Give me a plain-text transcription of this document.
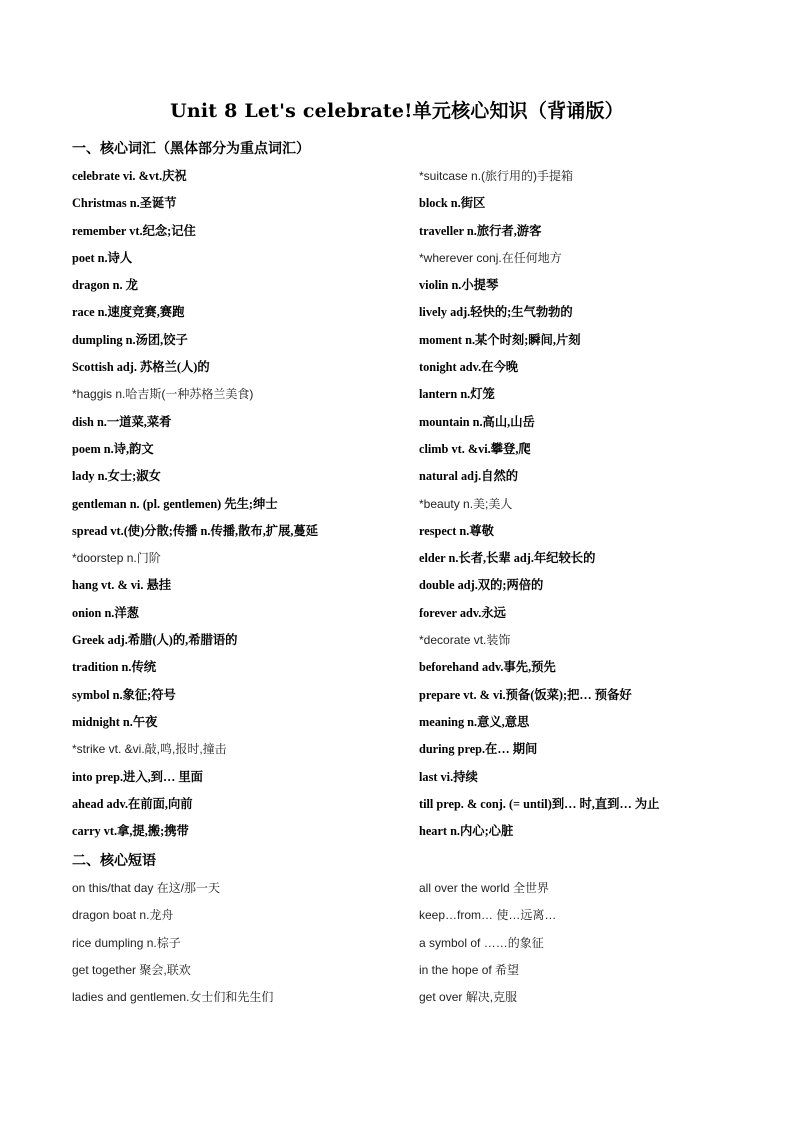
Unit 8 Let's celebrate!单元核心知识（背诵版）
一、核心词汇（黑体部分为重点词汇）
celebrate vi. &vt.庆祝
Christmas n.圣诞节
remember vt.纪念;记住
poet n.诗人
dragon n. 龙
race n.速度竞赛,赛跑
dumpling n.汤团,饺子
Scottish adj. 苏格兰(人)的
*haggis n.哈吉斯(一种苏格兰美食)
dish n.一道菜,菜肴
poem n.诗,韵文
lady n.女士;淑女
gentleman n. (pl. gentlemen) 先生;绅士
spread vt.(使)分散;传播 n.传播,散布,扩展,蔓延
*doorstep n.门阶
hang vt. & vi. 悬挂
onion n.洋葱
Greek adj.希腊(人)的,希腊语的
tradition n.传统
symbol n.象征;符号
midnight n.午夜
*strike vt. &vi.敲,鸣,报时,撞击
into prep.进入,到… 里面
ahead adv.在前面,向前
carry vt.拿,提,搬;携带
*suitcase n.(旅行用的)手提箱
block n.街区
traveller n.旅行者,游客
*wherever conj.在任何地方
violin n.小提琴
lively adj.轻快的;生气勃勃的
moment n.某个时刻;瞬间,片刻
tonight adv.在今晚
lantern n.灯笼
mountain n.高山,山岳
climb vt. &vi.攀登,爬
natural adj.自然的
*beauty n.美;美人
respect n.尊敬
elder n.长者,长辈 adj.年纪较长的
double adj.双的;两倍的
forever adv.永远
*decorate vt.装饰
beforehand adv.事先,预先
prepare vt. & vi.预备(饭菜);把… 预备好
meaning n.意义,意思
during prep.在… 期间
last vi.持续
till prep. & conj. (= until)到… 时,直到… 为止
heart n.内心;心脏
二、核心短语
on this/that day 在这/那一天
dragon boat n.龙舟
rice dumpling n.棕子
get together 聚会,联欢
ladies and gentlemen.女士们和先生们
all over the world 全世界
keep…from… 使…远离…
a symbol of ……的象征
in the hope of 希望
get over 解决,克服
